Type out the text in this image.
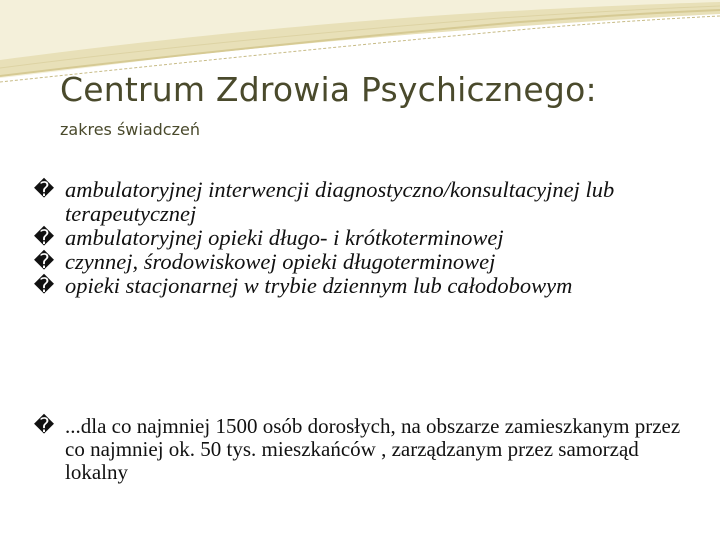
Centrum Zdrowia Psychicznego:
zakres świadczeń
� ambulatoryjnej interwencji diagnostyczno/konsultacyjnej lub terapeutycznej
� ambulatoryjnej opieki długo- i krótkoterminowej
� czynnej, środowiskowej opieki długoterminowej
� opieki stacjonarnej w trybie dziennym lub całodobowym
� ...dla co najmniej 1500 osób dorosłych, na obszarze zamieszkanym przez co najmniej ok. 50 tys. mieszkańców , zarządzanym przez samorząd lokalny
